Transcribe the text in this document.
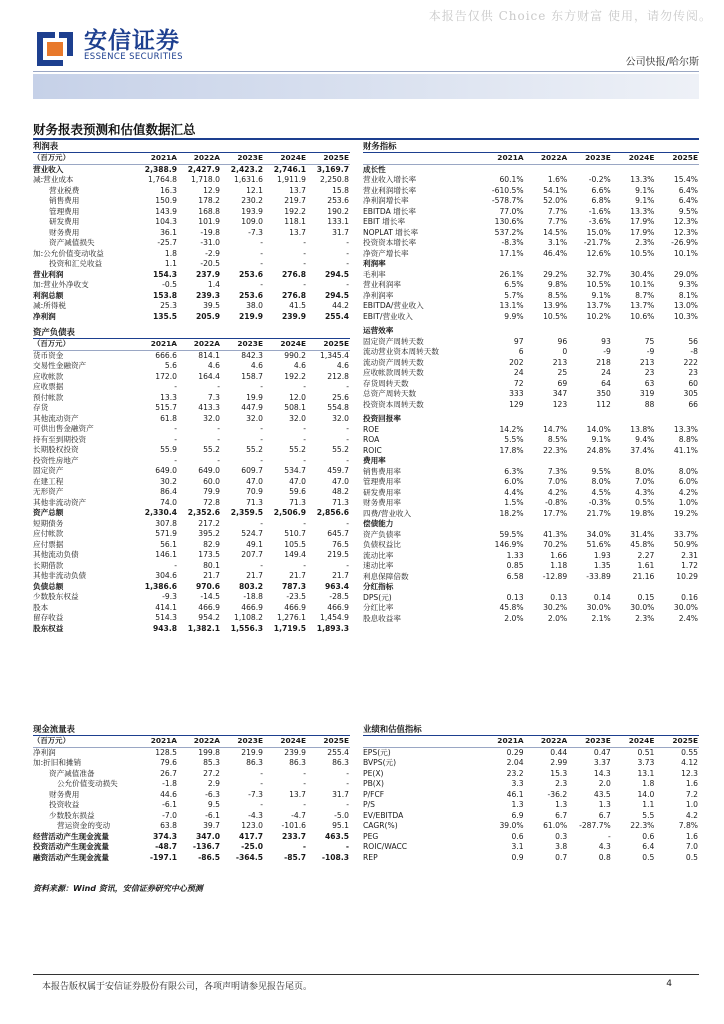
本报告仅供 Choice 东方财富 使用，请勿传阅。
安信证券
ESSENCE SECURITIES	公司快报/哈尔斯
财务报表预测和估值数据汇总
利润表					
（百万元）	2021A	2022A	2023E	2024E	2025E
营业收入	2,388.9	2,427.9	2,423.2	2,746.1	3,169.7
减:营业成本	1,764.8	1,718.0	1,631.6	1,911.9	2,250.8
营业税费	16.3	12.9	12.1	13.7	15.8
销售费用	150.9	178.2	230.2	219.7	253.6
管理费用	143.9	168.8	193.9	192.2	190.2
研发费用	104.3	101.9	109.0	118.1	133.1
财务费用	36.1	-19.8	-7.3	13.7	31.7
资产减值损失	-25.7	-31.0	-	-	-
加:公允价值变动收益	1.8	-2.9	-	-	-
投资和汇兑收益	1.1	-20.5	-	-	-
营业利润	154.3	237.9	253.6	276.8	294.5
加:营业外净收支	-0.5	1.4	-	-	-
利润总额	153.8	239.3	253.6	276.8	294.5
减:所得税	25.3	39.5	38.0	41.5	44.2
净利润	135.5	205.9	219.9	239.9	255.4

资产负债表					
（百万元）	2021A	2022A	2023E	2024E	2025E
货币资金	666.6	814.1	842.3	990.2	1,345.4
交易性金融资产	5.6	4.6	4.6	4.6	4.6
应收帐款	172.0	164.4	158.7	192.2	212.8
应收票据	-	-	-	-	-
预付帐款	13.3	7.3	19.9	12.0	25.6
存货	515.7	413.3	447.9	508.1	554.8
其他流动资产	61.8	32.0	32.0	32.0	32.0
可供出售金融资产	-	-	-	-	-
持有至到期投资	-	-	-	-	-
长期股权投资	55.9	55.2	55.2	55.2	55.2
投资性房地产	-	-	-	-	-
固定资产	649.0	649.0	609.7	534.7	459.7
在建工程	30.2	60.0	47.0	47.0	47.0
无形资产	86.4	79.9	70.9	59.6	48.2
其他非流动资产	74.0	72.8	71.3	71.3	71.3
资产总额	2,330.4	2,352.6	2,359.5	2,506.9	2,856.6
短期债务	307.8	217.2	-	-	-
应付帐款	571.9	395.2	524.7	510.7	645.7
应付票据	56.1	82.9	49.1	105.5	76.5
其他流动负债	146.1	173.5	207.7	149.4	219.5
长期借款	-	80.1	-	-	-
其他非流动负债	304.6	21.7	21.7	21.7	21.7
负债总额	1,386.6	970.6	803.2	787.3	963.4
少数股东权益	-9.3	-14.5	-18.8	-23.5	-28.5
股本	414.1	466.9	466.9	466.9	466.9
留存收益	514.3	954.2	1,108.2	1,276.1	1,454.9
股东权益	943.8	1,382.1	1,556.3	1,719.5	1,893.3
财务指标					
	2021A	2022A	2023E	2024E	2025E
成长性					
营业收入增长率	60.1%	1.6%	-0.2%	13.3%	15.4%
营业利润增长率	-610.5%	54.1%	6.6%	9.1%	6.4%
净利润增长率	-578.7%	52.0%	6.8%	9.1%	6.4%
EBITDA 增长率	77.0%	7.7%	-1.6%	13.3%	9.5%
EBIT 增长率	130.6%	7.7%	-3.6%	17.9%	12.3%
NOPLAT 增长率	537.2%	14.5%	15.0%	17.9%	12.3%
投资资本增长率	-8.3%	3.1%	-21.7%	2.3%	-26.9%
净资产增长率	17.1%	46.4%	12.6%	10.5%	10.1%
利润率					
毛利率	26.1%	29.2%	32.7%	30.4%	29.0%
营业利润率	6.5%	9.8%	10.5%	10.1%	9.3%
净利润率	5.7%	8.5%	9.1%	8.7%	8.1%
EBITDA/营业收入	13.1%	13.9%	13.7%	13.7%	13.0%
EBIT/营业收入	9.9%	10.5%	10.2%	10.6%	10.3%

运营效率					
固定资产周转天数	97	96	93	75	56
流动营业资本周转天数	6	0	-9	-9	-8
流动资产周转天数	202	213	218	213	222
应收帐款周转天数	24	25	24	23	23
存货周转天数	72	69	64	63	60
总资产周转天数	333	347	350	319	305
投资资本周转天数	129	123	112	88	66

投资回报率					
ROE	14.2%	14.7%	14.0%	13.8%	13.3%
ROA	5.5%	8.5%	9.1%	9.4%	8.8%
ROIC	17.8%	22.3%	24.8%	37.4%	41.1%
费用率					
销售费用率	6.3%	7.3%	9.5%	8.0%	8.0%
管理费用率	6.0%	7.0%	8.0%	7.0%	6.0%
研发费用率	4.4%	4.2%	4.5%	4.3%	4.2%
财务费用率	1.5%	-0.8%	-0.3%	0.5%	1.0%
四费/营业收入	18.2%	17.7%	21.7%	19.8%	19.2%
偿债能力					
资产负债率	59.5%	41.3%	34.0%	31.4%	33.7%
负债权益比	146.9%	70.2%	51.6%	45.8%	50.9%
流动比率	1.33	1.66	1.93	2.27	2.31
速动比率	0.85	1.18	1.35	1.61	1.72
利息保障倍数	6.58	-12.89	-33.89	21.16	10.29
分红指标					
DPS(元)	0.13	0.13	0.14	0.15	0.16
分红比率	45.8%	30.2%	30.0%	30.0%	30.0%
股息收益率	2.0%	2.0%	2.1%	2.3%	2.4%
现金流量表					
（百万元）	2021A	2022A	2023E	2024E	2025E
净利润	128.5	199.8	219.9	239.9	255.4
加:折旧和摊销	79.6	85.3	86.3	86.3	86.3
资产减值准备	26.7	27.2	-	-	-
公允价值变动损失	-1.8	2.9	-	-	-
财务费用	44.6	-6.3	-7.3	13.7	31.7
投资收益	-6.1	9.5	-	-	-
少数股东损益	-7.0	-6.1	-4.3	-4.7	-5.0
营运资金的变动	63.8	39.7	123.0	-101.6	95.1
经营活动产生现金流量	374.3	347.0	417.7	233.7	463.5
投资活动产生现金流量	-48.7	-136.7	-25.0	-	-
融资活动产生现金流量	-197.1	-86.5	-364.5	-85.7	-108.3
业绩和估值指标					
	2021A	2022A	2023E	2024E	2025E
EPS(元)	0.29	0.44	0.47	0.51	0.55
BVPS(元)	2.04	2.99	3.37	3.73	4.12
PE(X)	23.2	15.3	14.3	13.1	12.3
PB(X)	3.3	2.3	2.0	1.8	1.6
P/FCF	46.1	-36.2	43.5	14.0	7.2
P/S	1.3	1.3	1.3	1.1	1.0
EV/EBITDA	6.9	6.7	6.7	5.5	4.2
CAGR(%)	39.0%	61.0%	-287.7%	22.3%	7.8%
PEG	0.6	0.3	-	0.6	1.6
ROIC/WACC	3.1	3.8	4.3	6.4	7.0
REP	0.9	0.7	0.8	0.5	0.5
资料来源：Wind 资讯，安信证券研究中心预测
本报告版权属于安信证券股份有限公司，各项声明请参见报告尾页。	4
